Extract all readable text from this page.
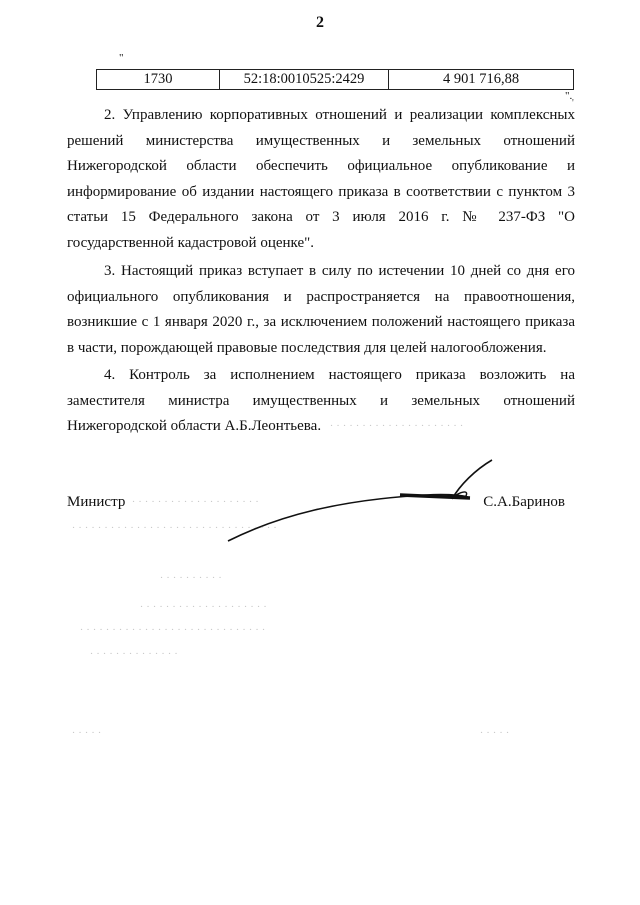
2
"
1730	52:18:0010525:2429	4 901 716,88
".
'

2. Управлению корпоративных отношений и реализации комплексных решений министерства имущественных и земельных отношений Нижегородской области обеспечить официальное опубликование и информирование об издании настоящего приказа в соответствии с пунктом 3 статьи 15 Федерального закона от 3 июля 2016 г. № 237-ФЗ "О государственной кадастровой оценке".

3. Настоящий приказ вступает в силу по истечении 10 дней со дня его официального опубликования и распространяется на правоотношения, возникшие с 1 января 2020 г., за исключением положений настоящего приказа в части, порождающей правовые последствия для целей налогообложения.

4. Контроль за исполнением настоящего приказа возложить на заместителя министра имущественных и земельных отношений Нижегородской области А.Б.Леонтьева.

Министр	С.А.Баринов
· · · · · · · · · · · · · · · · · · · · ·
· · · · · · · · · · · · · · · · · · · ·
· · · · · · · · · · · · · · · · · · · · · · · · · · · · · · · ·
· · · · · · · · · ·
· · · · · · · · · · · · · · · · · · · ·
· · · · · · · · · · · · · · · · · · · · · · · · · · · · ·
· · · · · · · · · · · · · ·
· · · · ·	· · · · ·
